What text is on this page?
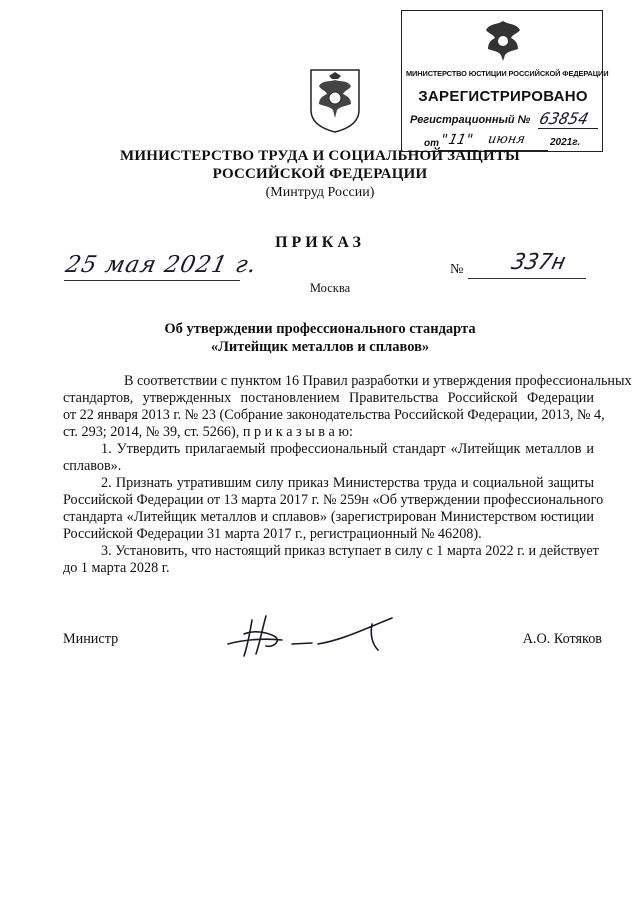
МИНИСТЕРСТВО ЮСТИЦИИ РОССИЙСКОЙ ФЕДЕРАЦИИ
ЗАРЕГИСТРИРОВАНО
Регистрационный № 63854
от "11" июня 2021г.
МИНИСТЕРСТВО ТРУДА И СОЦИАЛЬНОЙ ЗАЩИТЫ
РОССИЙСКОЙ ФЕДЕРАЦИИ
(Минтруд России)
ПРИКАЗ
25 мая 2021 г.	№ 337н
Москва
Об утверждении профессионального стандарта
«Литейщик металлов и сплавов»
В соответствии с пунктом 16 Правил разработки и утверждения профессиональных
стандартов, утвержденных постановлением Правительства Российской Федерации
от 22 января 2013 г. № 23 (Собрание законодательства Российской Федерации, 2013, № 4,
ст. 293; 2014, № 39, ст. 5266), п р и к а з ы в а ю:
1. Утвердить прилагаемый профессиональный стандарт «Литейщик металлов и
сплавов».
2. Признать утратившим силу приказ Министерства труда и социальной защиты
Российской Федерации от 13 марта 2017 г. № 259н «Об утверждении профессионального
стандарта «Литейщик металлов и сплавов» (зарегистрирован Министерством юстиции
Российской Федерации 31 марта 2017 г., регистрационный № 46208).
3. Установить, что настоящий приказ вступает в силу с 1 марта 2022 г. и действует
до 1 марта 2028 г.
Министр	А.О. Котяков
